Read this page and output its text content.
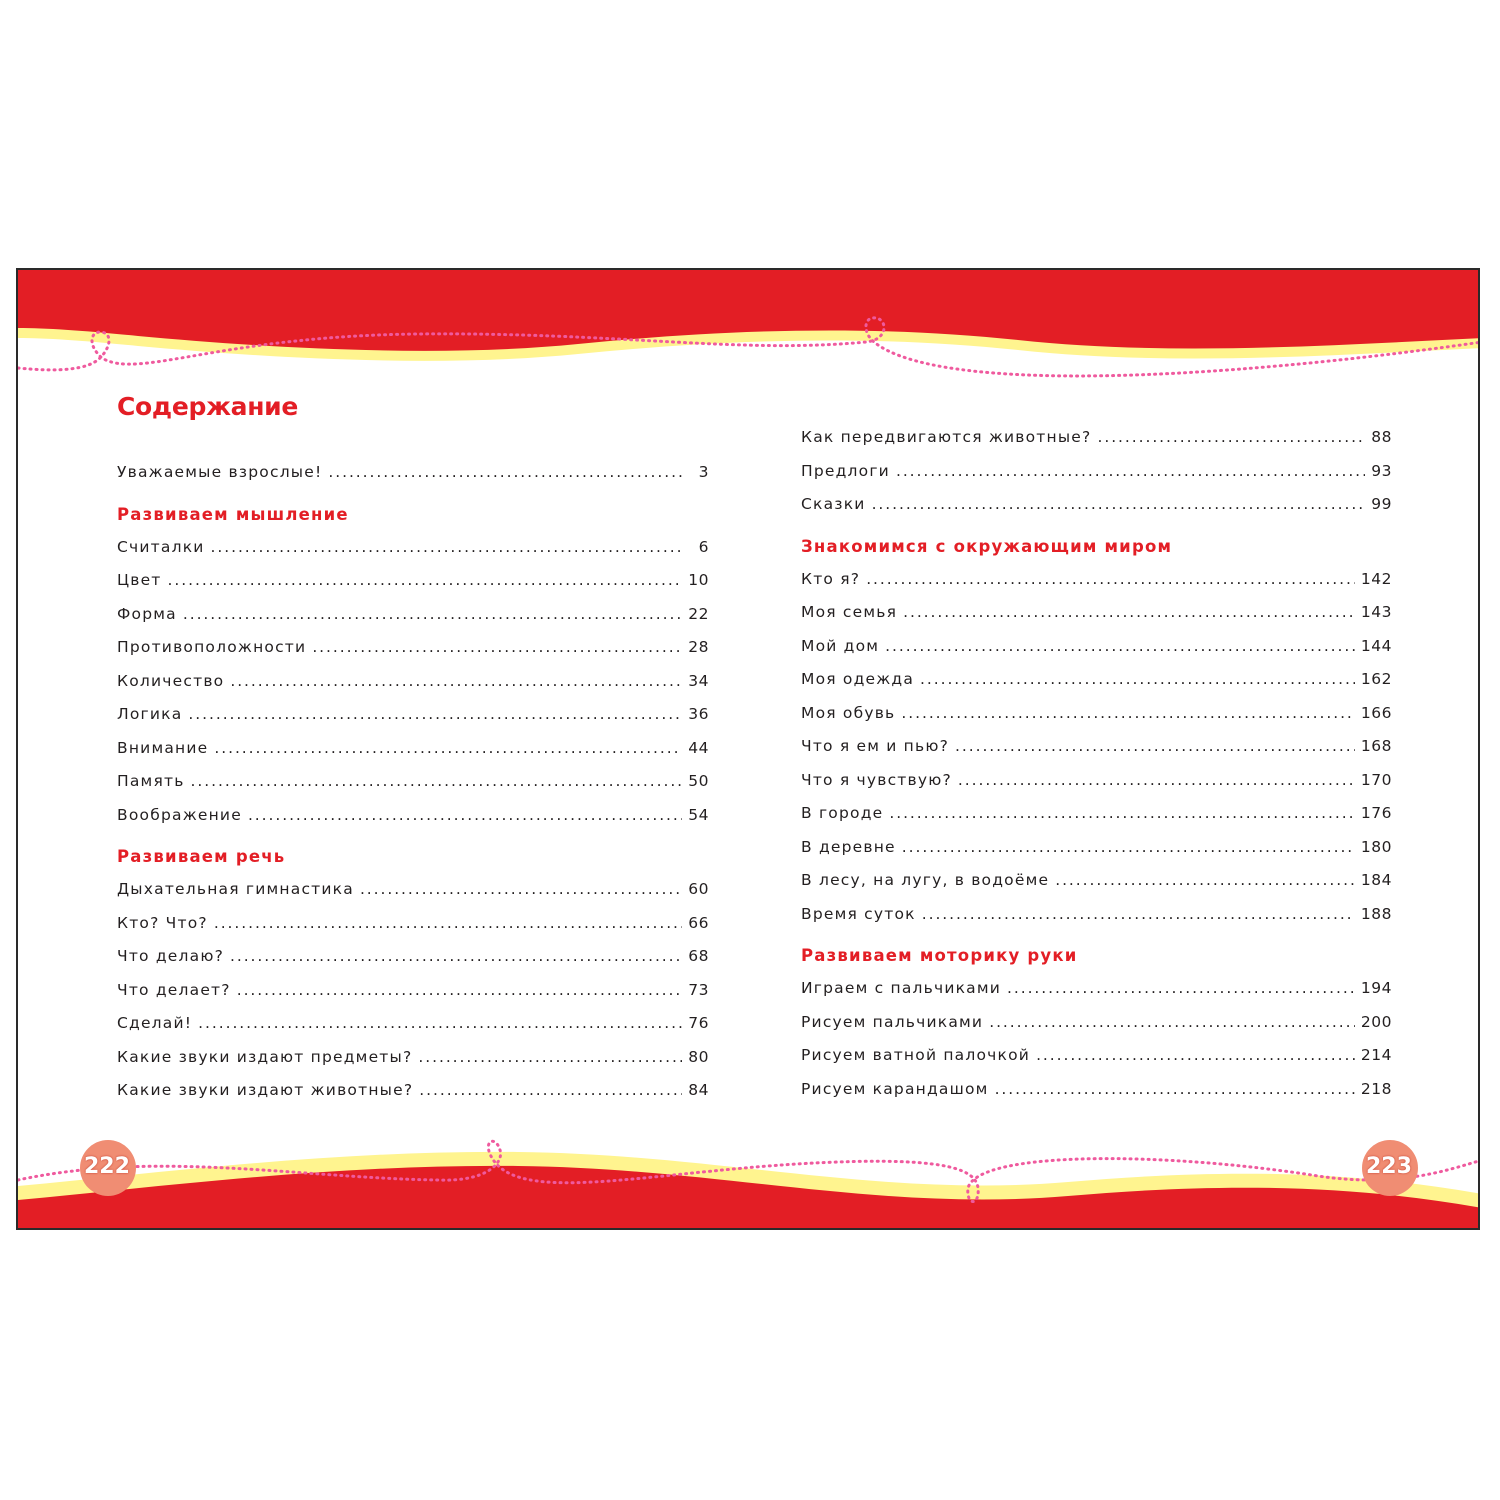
222	223
Содержание
Уважаемые взрослые! . . .	3
Развиваем мышление
Считалки . . .	6
Цвет . . .	10
Форма . . .	22
Противоположности . . .	28
Количество . . .	34
Логика . . .	36
Внимание . . .	44
Память . . .	50
Воображение . . .	54
Развиваем речь
Дыхательная гимнастика . . .	60
Кто? Что? . . .	66
Что делаю? . . .	68
Что делает? . . .	73
Сделай! . . .	76
Какие звуки издают предметы? . . .	80
Какие звуки издают животные? . . .	84
Как передвигаются животные? . . .	88
Предлоги . . .	93
Сказки . . .	99
Знакомимся с окружающим миром
Кто я? . . .	142
Моя семья . . .	143
Мой дом . . .	144
Моя одежда . . .	162
Моя обувь . . .	166
Что я ем и пью? . . .	168
Что я чувствую? . . .	170
В городе . . .	176
В деревне . . .	180
В лесу, на лугу, в водоёме . . .	184
Время суток . . .	188
Развиваем моторику руки
Играем с пальчиками . . .	194
Рисуем пальчиками . . .	200
Рисуем ватной палочкой . . .	214
Рисуем карандашом . . .	218
